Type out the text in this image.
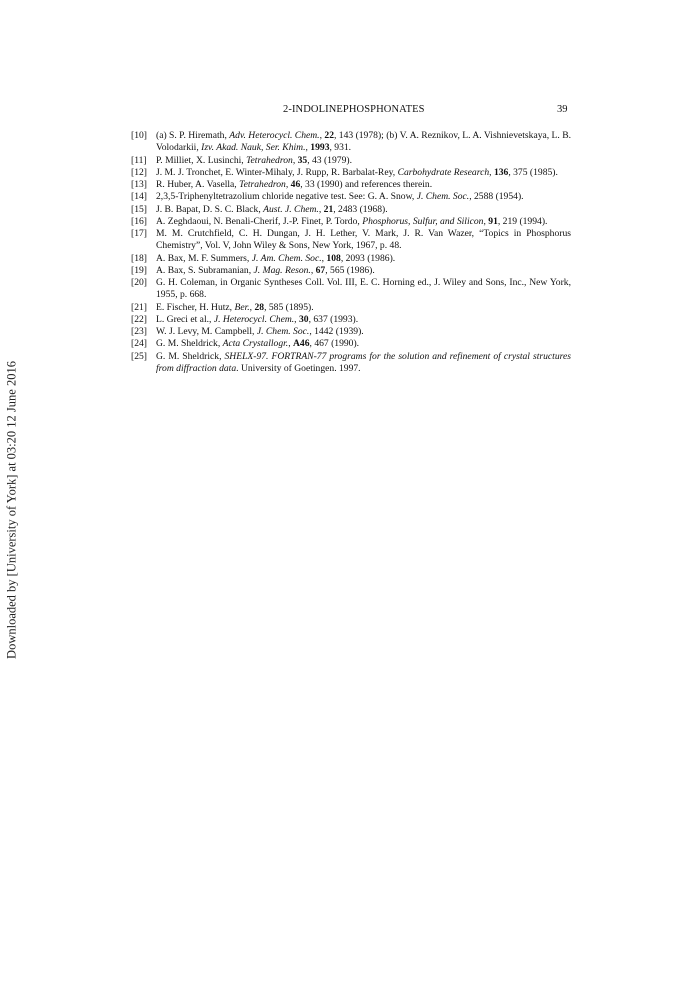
Downloaded by [University of York] at 03:20 12 June 2016
2-INDOLINEPHOSPHONATES	39
[10] (a) S. P. Hiremath, Adv. Heterocycl. Chem., 22, 143 (1978); (b) V. A. Reznikov, L. A. Vishnievetskaya, L. B. Volodarkii, Izv. Akad. Nauk, Ser. Khim., 1993, 931.
[11] P. Milliet, X. Lusinchi, Tetrahedron, 35, 43 (1979).
[12] J. M. J. Tronchet, E. Winter-Mihaly, J. Rupp, R. Barbalat-Rey, Carbohydrate Research, 136, 375 (1985).
[13] R. Huber, A. Vasella, Tetrahedron, 46, 33 (1990) and references therein.
[14] 2,3,5-Triphenyltetrazolium chloride negative test. See: G. A. Snow, J. Chem. Soc., 2588 (1954).
[15] J. B. Bapat, D. S. C. Black, Aust. J. Chem., 21, 2483 (1968).
[16] A. Zeghdaoui, N. Benali-Cherif, J.-P. Finet, P. Tordo, Phosphorus, Sulfur, and Silicon, 91, 219 (1994).
[17] M. M. Crutchfield, C. H. Dungan, J. H. Lether, V. Mark, J. R. Van Wazer, “Topics in Phosphorus Chemistry”, Vol. V, John Wiley & Sons, New York, 1967, p. 48.
[18] A. Bax, M. F. Summers, J. Am. Chem. Soc., 108, 2093 (1986).
[19] A. Bax, S. Subramanian, J. Mag. Reson., 67, 565 (1986).
[20] G. H. Coleman, in Organic Syntheses Coll. Vol. III, E. C. Horning ed., J. Wiley and Sons, Inc., New York, 1955, p. 668.
[21] E. Fischer, H. Hutz, Ber., 28, 585 (1895).
[22] L. Greci et al., J. Heterocycl. Chem., 30, 637 (1993).
[23] W. J. Levy, M. Campbell, J. Chem. Soc., 1442 (1939).
[24] G. M. Sheldrick, Acta Crystallogr., A46, 467 (1990).
[25] G. M. Sheldrick, SHELX-97. FORTRAN-77 programs for the solution and refinement of crystal structures from diffraction data. University of Goetingen. 1997.
